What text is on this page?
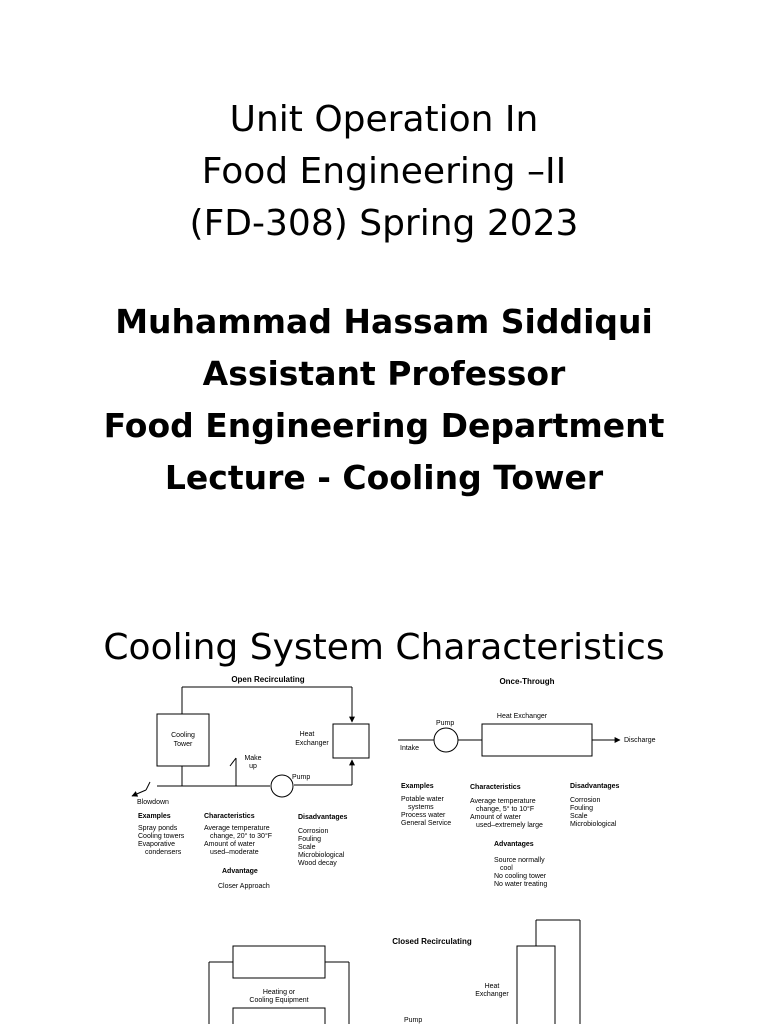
Unit Operation In
Food Engineering –II
(FD-308) Spring 2023
Muhammad Hassam Siddiqui
Assistant Professor
Food Engineering Department
Lecture - Cooling Tower
Cooling System Characteristics
Open Recirculating
Cooling
Tower
Heat
Exchanger
Make
up
Pump
Blowdown
Examples
Spray ponds
Cooling towers
Evaporative
condensers
Characteristics
Average temperature
change, 20° to 30°F
Amount of water
used–moderate
Disadvantages
Corrosion
Fouling
Scale
Microbiological
Wood decay
Advantage
Closer Approach
Once-Through
Heat Exchanger
Pump
Intake
Discharge
Examples
Potable water
systems
Process water
General Service
Characteristics
Average temperature
change, 5° to 10°F
Amount of water
used–extremely large
Disadvantages
Corrosion
Fouling
Scale
Microbiological
Advantages
Source normally
cool
No cooling tower
No water treating
Closed Recirculating
Heating or
Cooling Equipment
Heat
Exchanger
Pump
